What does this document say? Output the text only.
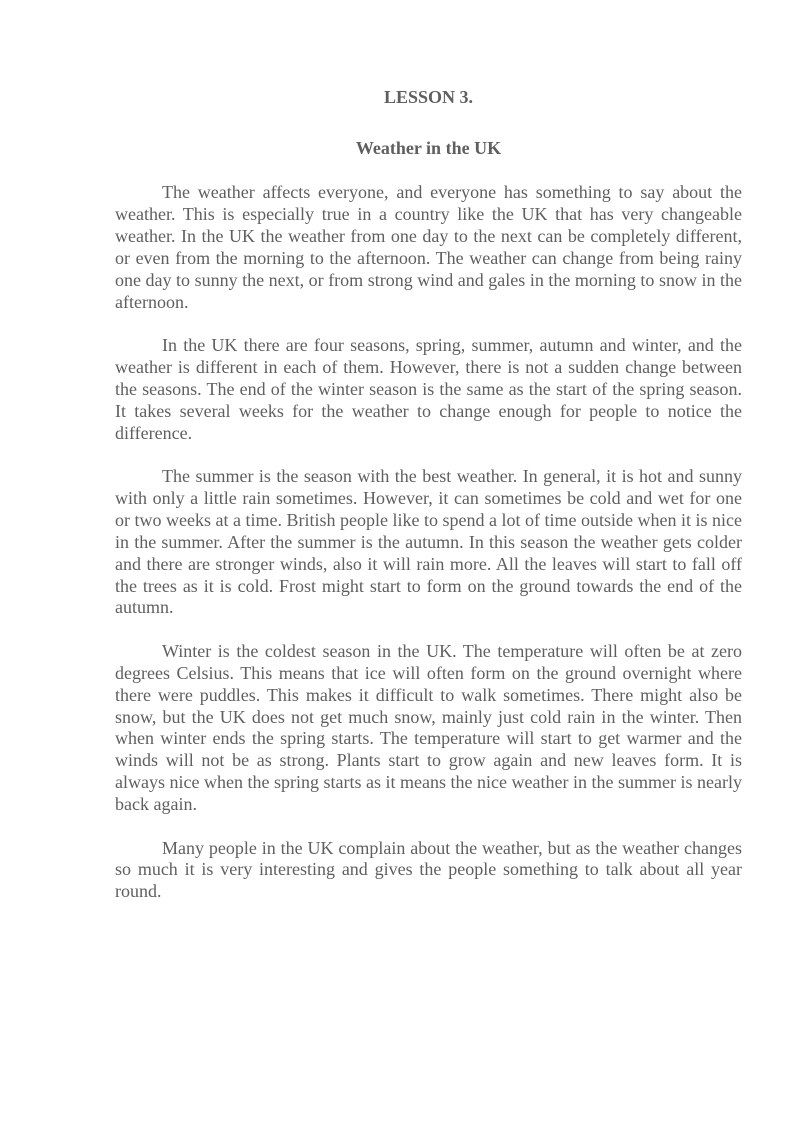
LESSON 3.
Weather in the UK

The weather affects everyone, and everyone has something to say about the weather. This is especially true in a country like the UK that has very changeable weather. In the UK the weather from one day to the next can be completely different, or even from the morning to the afternoon. The weather can change from being rainy one day to sunny the next, or from strong wind and gales in the morning to snow in the afternoon.

In the UK there are four seasons, spring, summer, autumn and winter, and the weather is different in each of them. However, there is not a sudden change between the seasons. The end of the winter season is the same as the start of the spring season. It takes several weeks for the weather to change enough for people to notice the difference.

The summer is the season with the best weather. In general, it is hot and sunny with only a little rain sometimes. However, it can sometimes be cold and wet for one or two weeks at a time. British people like to spend a lot of time outside when it is nice in the summer. After the summer is the autumn. In this season the weather gets colder and there are stronger winds, also it will rain more. All the leaves will start to fall off the trees as it is cold. Frost might start to form on the ground towards the end of the autumn.

Winter is the coldest season in the UK. The temperature will often be at zero degrees Celsius. This means that ice will often form on the ground overnight where there were puddles. This makes it difficult to walk sometimes. There might also be snow, but the UK does not get much snow, mainly just cold rain in the winter. Then when winter ends the spring starts. The temperature will start to get warmer and the winds will not be as strong. Plants start to grow again and new leaves form. It is always nice when the spring starts as it means the nice weather in the summer is nearly back again.

Many people in the UK complain about the weather, but as the weather changes so much it is very interesting and gives the people something to talk about all year round.
